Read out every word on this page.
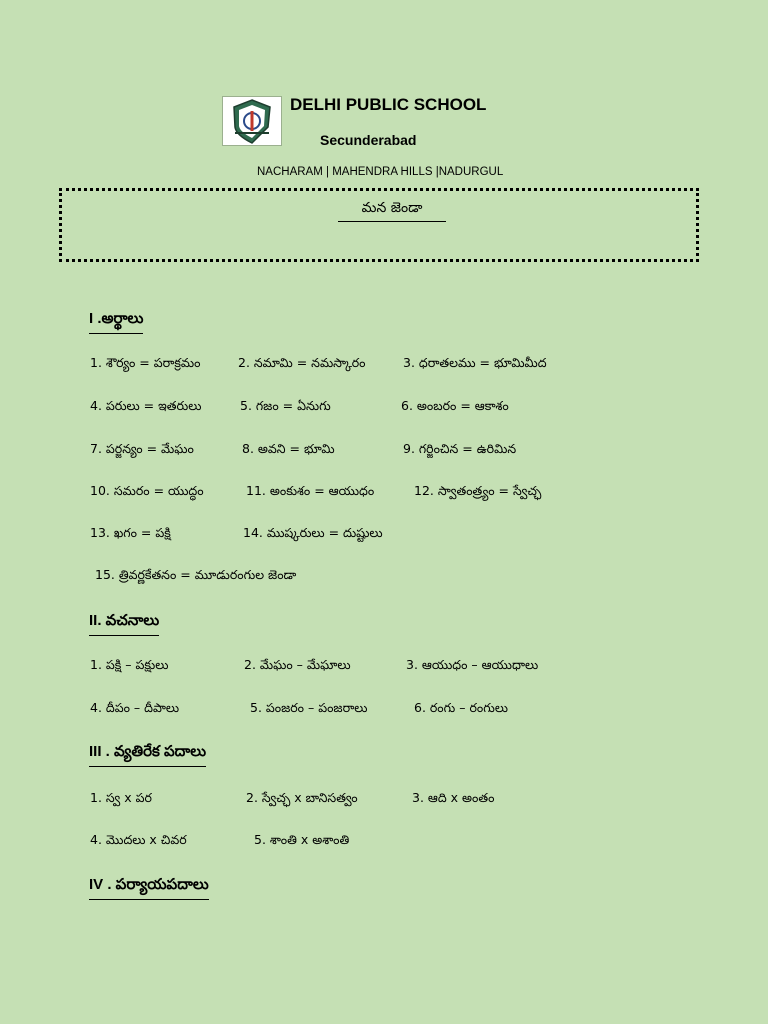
DELHI PUBLIC SCHOOL
Secunderabad
NACHARAM | MAHENDRA HILLS |NADURGUL
మన జెండా
I .అర్థాలు
1. శౌర్యం = పరాక్రమం	2. నమామి = నమస్కారం	3. ధరాతలము = భూమిమీద
4. పరులు = ఇతరులు	5. గజం = ఏనుగు	6. అంబరం = ఆకాశం
7. పర్జన్యం = మేఘం	8. అవని = భూమి	9. గర్జించిన = ఉరిమిన
10. సమరం = యుద్ధం	11. అంకుశం = ఆయుధం	12. స్వాతంత్ర్యం = స్వేచ్ఛ
13. ఖగం = పక్షి	14. ముష్కరులు = దుష్టులు
15. త్రివర్ణకేతనం = మూడురంగుల జెండా
II. వచనాలు
1. పక్షి – పక్షులు	2. మేఘం – మేఘాలు	3. ఆయుధం – ఆయుధాలు
4. దీపం – దీపాలు	5. పంజరం – పంజరాలు	6. రంగు – రంగులు
III . వ్యతిరేక పదాలు
1. స్వ x పర	2. స్వేచ్ఛ x బానిసత్వం	3. ఆది x అంతం
4. మొదలు x చివర	5. శాంతి x అశాంతి
IV . పర్యాయపదాలు
